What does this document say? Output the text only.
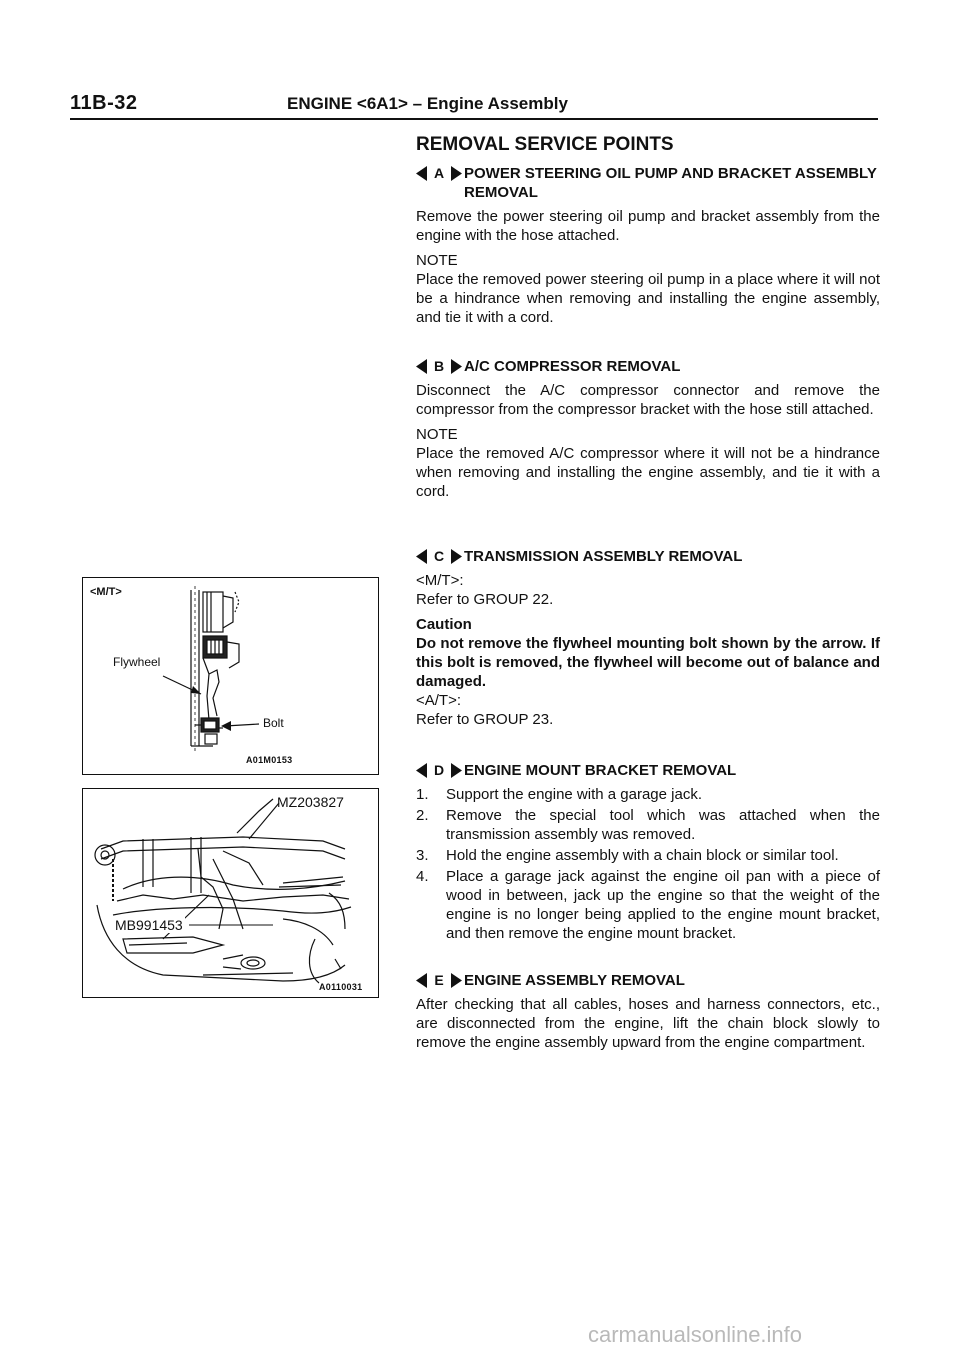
11B-32	ENGINE <6A1> – Engine Assembly
<M/T>
Flywheel
Bolt
A01M0153
MZ203827
MB991453
A0110031
REMOVAL SERVICE POINTS
A POWER STEERING OIL PUMP AND BRACKET ASSEMBLY REMOVAL
Remove the power steering oil pump and bracket assembly from the engine with the hose attached.
NOTE
Place the removed power steering oil pump in a place where it will not be a hindrance when removing and installing the engine assembly, and tie it with a cord.
B A/C COMPRESSOR REMOVAL
Disconnect the A/C compressor connector and remove the compressor from the compressor bracket with the hose still attached.
NOTE
Place the removed A/C compressor where it will not be a hindrance when removing and installing the engine assembly, and tie it with a cord.
C TRANSMISSION ASSEMBLY REMOVAL
<M/T>:
Refer to GROUP 22.
Caution
Do not remove the flywheel mounting bolt shown by the arrow. If this bolt is removed, the flywheel will become out of balance and damaged.
<A/T>:
Refer to GROUP 23.
D ENGINE MOUNT BRACKET REMOVAL
1. Support the engine with a garage jack.
2. Remove the special tool which was attached when the transmission assembly was removed.
3. Hold the engine assembly with a chain block or similar tool.
4. Place a garage jack against the engine oil pan with a piece of wood in between, jack up the engine so that the weight of the engine is no longer being applied to the engine mount bracket, and then remove the engine mount bracket.
E ENGINE ASSEMBLY REMOVAL
After checking that all cables, hoses and harness connectors, etc., are disconnected from the engine, lift the chain block slowly to remove the engine assembly upward from the engine compartment.
carmanualsonline.info
